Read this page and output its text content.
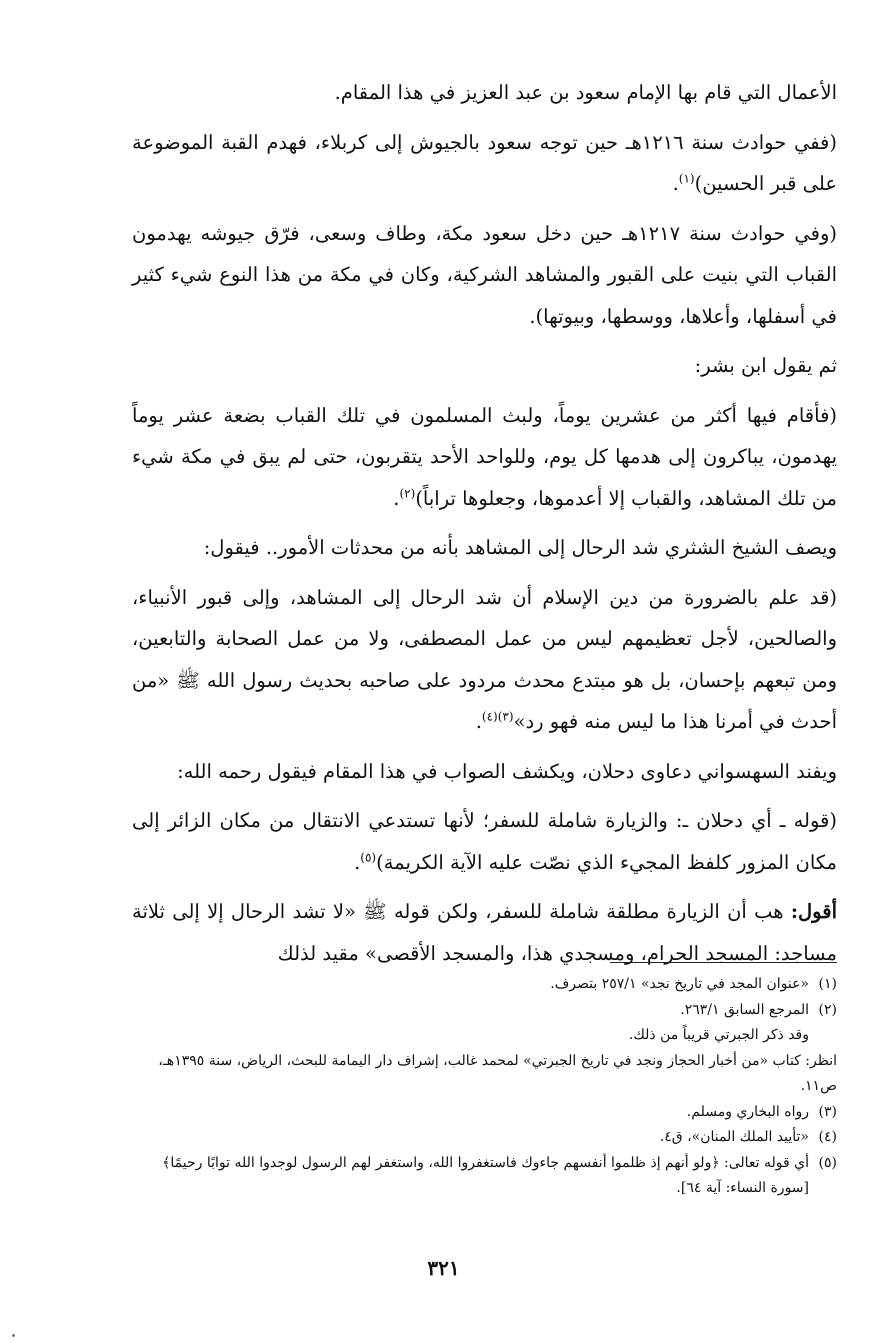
الأعمال التي قام بها الإمام سعود بن عبد العزيز في هذا المقام.

(ففي حوادث سنة ١٢١٦هـ حين توجه سعود بالجيوش إلى كربلاء، فهدم القبة الموضوعة على قبر الحسين)$^{(١)}$.

(وفي حوادث سنة ١٢١٧هـ حين دخل سعود مكة، وطاف وسعى، فرّق جيوشه يهدمون القباب التي بنيت على القبور والمشاهد الشركية، وكان في مكة من هذا النوع شيء كثير في أسفلها، وأعلاها، ووسطها، وبيوتها).

ثم يقول ابن بشر:

(فأقام فيها أكثر من عشرين يوماً، ولبث المسلمون في تلك القباب بضعة عشر يوماً يهدمون، يباكرون إلى هدمها كل يوم، وللواحد الأحد يتقربون، حتى لم يبق في مكة شيء من تلك المشاهد، والقباب إلا أعدموها، وجعلوها تراباً)$^{(٢)}$.

ويصف الشيخ الشثري شد الرحال إلى المشاهد بأنه من محدثات الأمور.. فيقول:

(قد علم بالضرورة من دين الإسلام أن شد الرحال إلى المشاهد، وإلى قبور الأنبياء، والصالحين، لأجل تعظيمهم ليس من عمل المصطفى، ولا من عمل الصحابة والتابعين، ومن تبعهم بإحسان، بل هو مبتدع محدث مردود على صاحبه بحديث رسول الله ﷺ «من أحدث في أمرنا هذا ما ليس منه فهو رد»$^{(٣)(٤)}$.

ويفند السهسواني دعاوى دحلان، ويكشف الصواب في هذا المقام فيقول رحمه الله:

(قوله ـ أي دحلان ـ: والزيارة شاملة للسفر؛ لأنها تستدعي الانتقال من مكان الزائر إلى مكان المزور كلفظ المجيء الذي نصّت عليه الآية الكريمة)$^{(٥)}$.

أقول: هب أن الزيارة مطلقة شاملة للسفر، ولكن قوله ﷺ «لا تشد الرحال إلا إلى ثلاثة مساجد: المسجد الحرام، ومسجدي هذا، والمسجد الأقصى» مقيد لذلك

(١)
«عنوان المجد في تاريخ نجد» ٢٥٧/١ بتصرف.
(٢)
المرجع السابق ٢٦٣/١.
وقد ذكر الجبرتي قريباً من ذلك.
انظر: كتاب «من أخبار الحجاز ونجد في تاريخ الجبرتي» لمحمد غالب، إشراف دار اليمامة للبحث، الرياض، سنة ١٣٩٥هـ، ص١١.
(٣)
رواه البخاري ومسلم.
(٤)
«تأييد الملك المنان»، ق٤.
(٥)
أي قوله تعالى: ﴿ولو أنهم إذ ظلموا أنفسهم جاءوك فاستغفروا الله، واستغفر لهم الرسول لوجدوا الله توابًا رحيمًا﴾ [سورة النساء: آية ٦٤].
٣٢١
